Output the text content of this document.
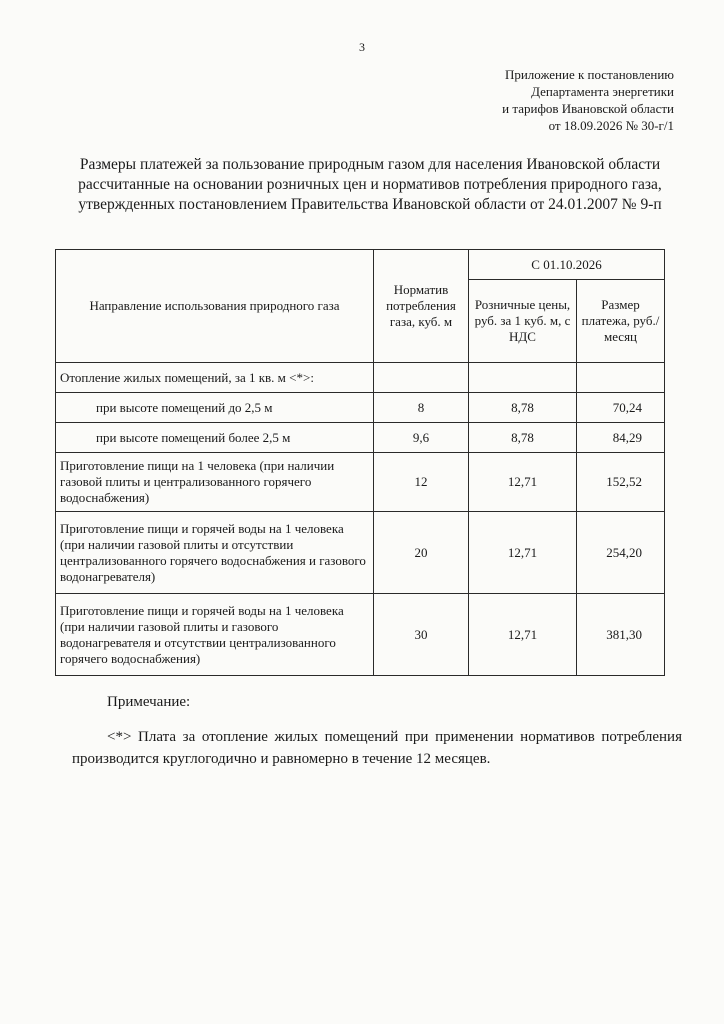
3
Приложение к постановлению
Департамента энергетики
и тарифов Ивановской области
от 18.09.2026 № 30-г/1
Размеры платежей за пользование природным газом для населения Ивановской области рассчитанные на основании розничных цен и нормативов потребления природного газа, утвержденных постановлением Правительства Ивановской области от 24.01.2007 № 9-п
Направление использования природного газа	Норматив потребления газа, куб. м	С 01.10.2026	
		Розничные цены, руб. за 1 куб. м, с НДС	Размер платежа, руб./месяц
Отопление жилых помещений, за 1 кв. м <*>:			
при высоте помещений до 2,5 м	8	8,78	70,24
при высоте помещений более 2,5 м	9,6	8,78	84,29
Приготовление пищи на 1 человека (при наличии газовой плиты и централизованного горячего водоснабжения)	12	12,71	152,52
Приготовление пищи и горячей воды на 1 человека (при наличии газовой плиты и отсутствии централизованного горячего водоснабжения и газового водонагревателя)	20	12,71	254,20
Приготовление пищи и горячей воды на 1 человека (при наличии газовой плиты и газового водонагревателя и отсутствии централизованного горячего водоснабжения)	30	12,71	381,30
Примечание:
<*> Плата за отопление жилых помещений при применении нормативов потребления производится круглогодично и равномерно в течение 12 месяцев.
